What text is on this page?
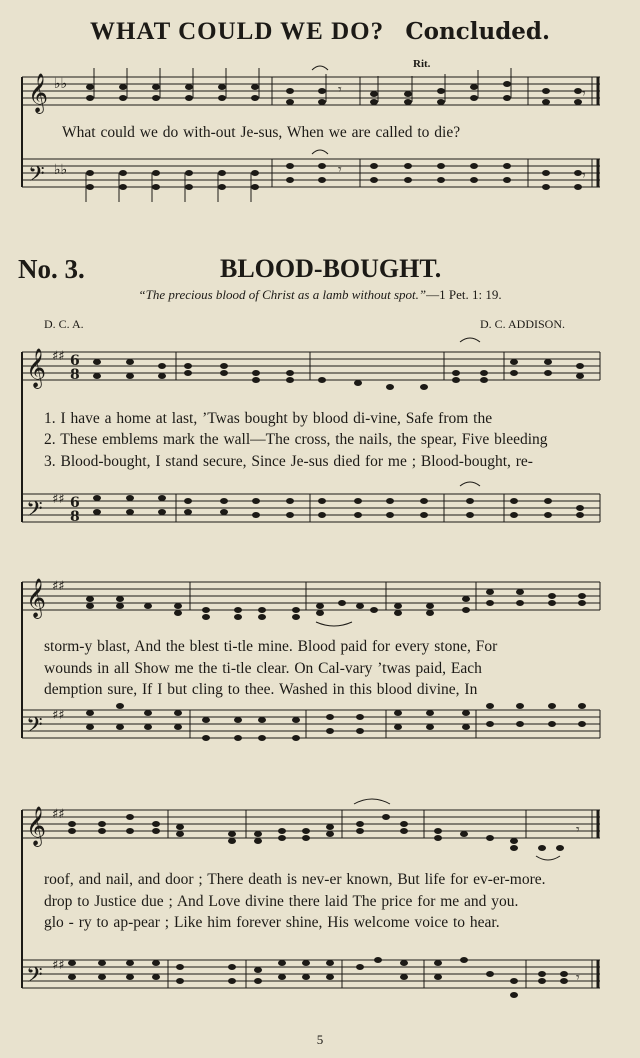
WHAT COULD WE DO? Concluded.
𝄞
𝄢
♭♭
♭♭
𝄾
𝄾
𝄾
𝄾
Rit.
What could we do with-out Je-sus, When we are called to die?
No. 3.	BLOOD-BOUGHT.
“The precious blood of Christ as a lamb without spot.”—1 Pet. 1: 19.
D. C. A.	D. C. ADDISON.
𝄞
𝄢
♯♯
♯♯
6
8
6
8
1. I have a home at last, ’Twas bought by blood di-vine, Safe from the
2. These emblems mark the wall—The cross, the nails, the spear, Five bleeding
3. Blood-bought, I stand secure, Since Je-sus died for me ; Blood-bought, re-
𝄞
𝄢
♯♯
♯♯
storm-y blast, And the blest ti-tle mine. Blood paid for every stone, For
wounds in all Show me the ti-tle clear. On Cal-vary ’twas paid, Each
demption sure, If I but cling to thee. Washed in this blood divine, In
𝄞
𝄢
♯♯
♯♯
𝄾
𝄾
roof, and nail, and door ; There death is nev-er known, But life for ev-er-more.
drop to Justice due ; And Love divine there laid The price for me and you.
glo - ry to ap-pear ; Like him forever shine, His welcome voice to hear.
5
